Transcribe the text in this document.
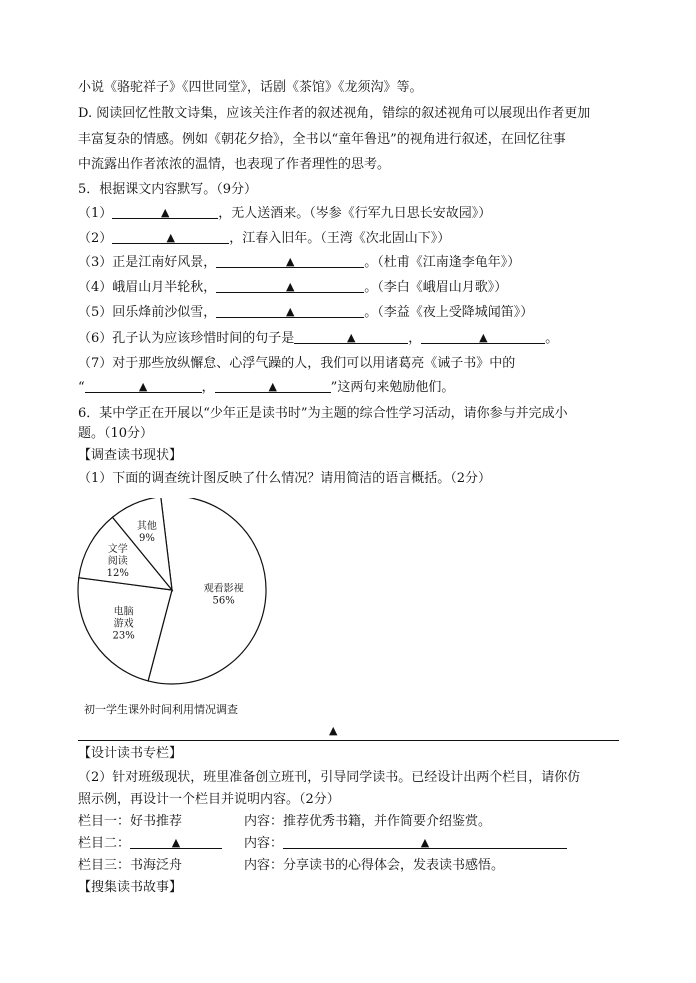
小说《骆驼祥子》《四世同堂》，话剧《茶馆》《龙须沟》等。
D. 阅读回忆性散文诗集，应该关注作者的叙述视角，错综的叙述视角可以展现出作者更加
丰富复杂的情感。例如《朝花夕拾》，全书以“童年鲁迅”的视角进行叙述，在回忆往事
中流露出作者浓浓的温情，也表现了作者理性的思考。
5．根据课文内容默写。（9分）
（1）	▲	，无人送酒来。（岑参《行军九日思长安故园》）
（2）	▲	，江春入旧年。（王湾《次北固山下》）
（3）正是江南好风景，	▲	。（杜甫《江南逢李龟年》）
（4）峨眉山月半轮秋，	▲	。（李白《峨眉山月歌》）
（5）回乐烽前沙似雪，	▲	。（李益《夜上受降城闻笛》）
（6）孔子认为应该珍惜时间的句子是	▲	，	▲	。
（7）对于那些放纵懈怠、心浮气躁的人，我们可以用诸葛亮《诫子书》中的
“	▲	，	▲	”这两句来勉励他们。
6．某中学正在开展以“少年正是读书时”为主题的综合性学习活动，请你参与并完成小
题。（10分）
【调查读书现状】
（1）下面的调查统计图反映了什么情况？请用简洁的语言概括。（2分）
观看影视 56%
电脑游戏 23%
文学阅读 12%
其他 9%
初一学生课外时间利用情况调查
▲
【设计读书专栏】
（2）针对班级现状，班里准备创立班刊，引导同学读书。已经设计出两个栏目，请你仿
照示例，再设计一个栏目并说明内容。（2分）
栏目一：好书推荐	内容：推荐优秀书籍，并作简要介绍鉴赏。
栏目二：	▲	内容：	▲
栏目三：书海泛舟	内容：分享读书的心得体会，发表读书感悟。
【搜集读书故事】
